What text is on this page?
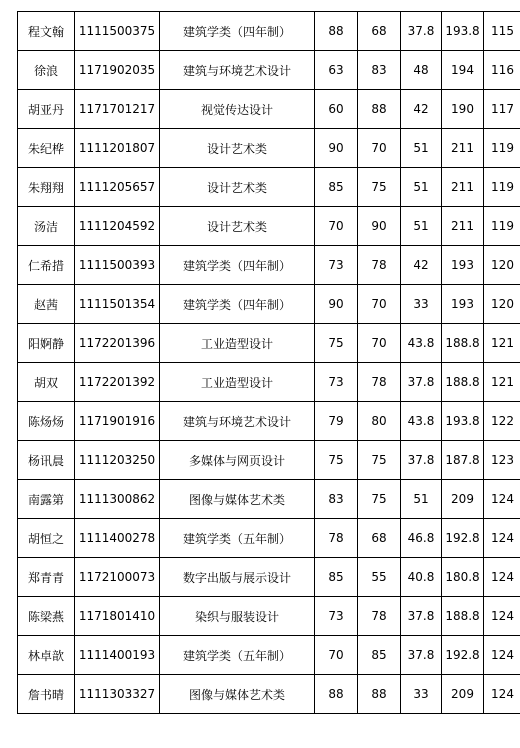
程文翰	1111500375	建筑学类（四年制）	88	68	37.8	193.8	115
徐浪	1171902035	建筑与环境艺术设计	63	83	48	194	116
胡亚丹	1171701217	视觉传达设计	60	88	42	190	117
朱纪桦	1111201807	设计艺术类	90	70	51	211	119
朱翔翔	1111205657	设计艺术类	85	75	51	211	119
汤洁	1111204592	设计艺术类	70	90	51	211	119
仁希措	1111500393	建筑学类（四年制）	73	78	42	193	120
赵茜	1111501354	建筑学类（四年制）	90	70	33	193	120
阳婀静	1172201396	工业造型设计	75	70	43.8	188.8	121
胡双	1172201392	工业造型设计	73	78	37.8	188.8	121
陈炀炀	1171901916	建筑与环境艺术设计	79	80	43.8	193.8	122
杨讯晨	1111203250	多媒体与网页设计	75	75	37.8	187.8	123
南露第	1111300862	图像与媒体艺术类	83	75	51	209	124
胡恒之	1111400278	建筑学类（五年制）	78	68	46.8	192.8	124
郑青青	1172100073	数字出版与展示设计	85	55	40.8	180.8	124
陈梁燕	1171801410	染织与服装设计	73	78	37.8	188.8	124
林卓歆	1111400193	建筑学类（五年制）	70	85	37.8	192.8	124
詹书晴	1111303327	图像与媒体艺术类	88	88	33	209	124
